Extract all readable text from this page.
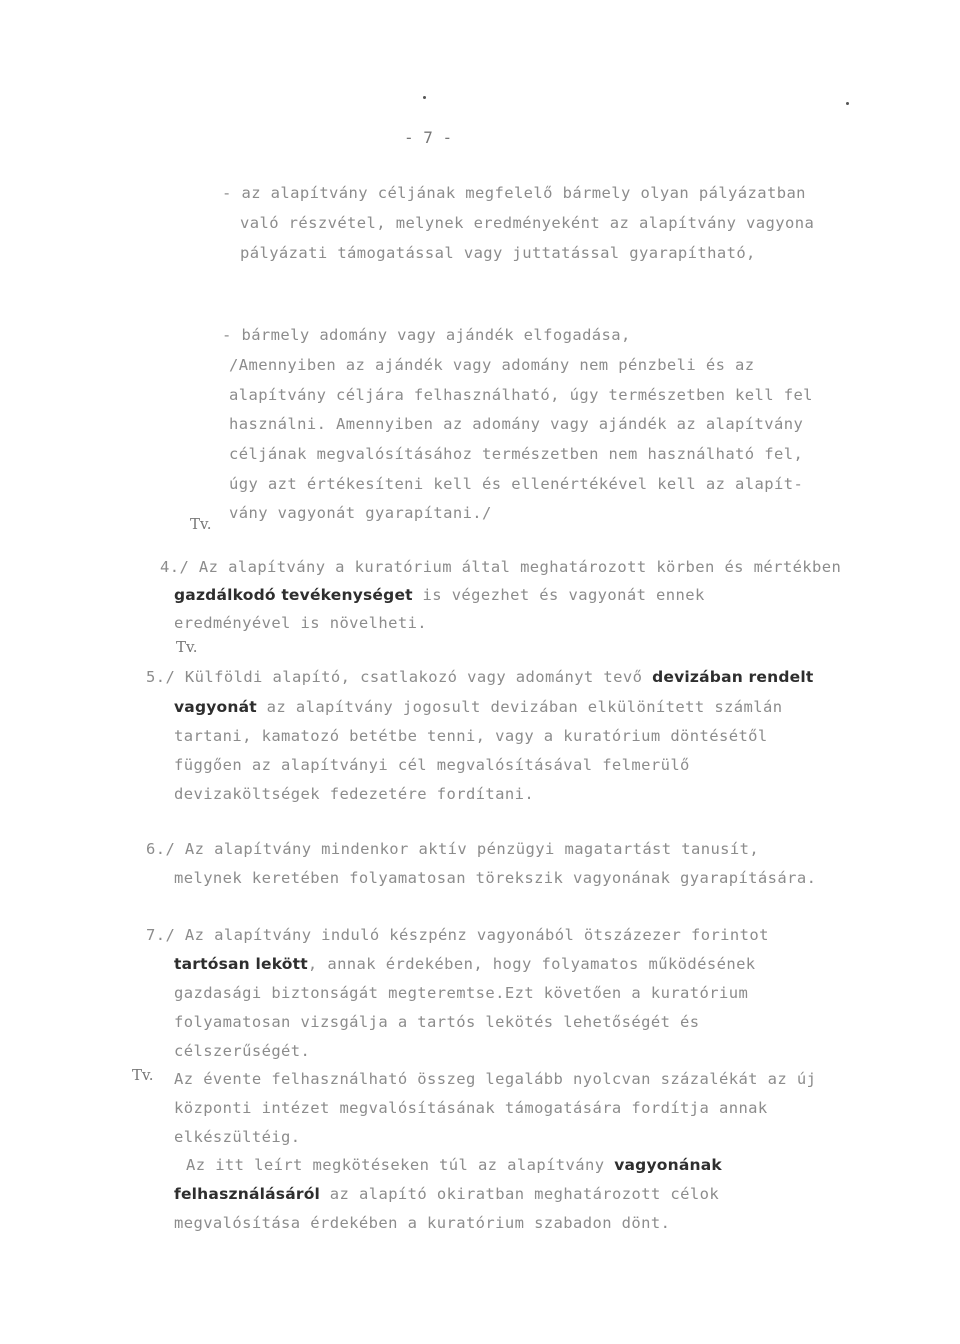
- 7 -
- az alapítvány céljának megfelelő bármely olyan pályázatban
való részvétel, melynek eredményeként az alapítvány vagyona
pályázati támogatással vagy juttatással gyarapítható,
- bármely adomány vagy ajándék elfogadása,
/Amennyiben az ajándék vagy adomány nem pénzbeli és az
alapítvány céljára felhasználható, úgy természetben kell fel
használni. Amennyiben az adomány vagy ajándék az alapítvány
céljának megvalósításához természetben nem használható fel,
úgy azt értékesíteni kell és ellenértékével kell az alapít-
vány vagyonát gyarapítani./
Tv.
4./ Az alapítvány a kuratórium által meghatározott körben és mértékben
gazdálkodó tevékenységet is végezhet és vagyonát ennek
eredményével is növelheti.
Tv.
5./ Külföldi alapító, csatlakozó vagy adományt tevő devizában rendelt
vagyonát az alapítvány jogosult devizában elkülönített számlán
tartani, kamatozó betétbe tenni, vagy a kuratórium döntésétől
függően az alapítványi cél megvalósításával felmerülő
devizaköltségek fedezetére fordítani.
6./ Az alapítvány mindenkor aktív pénzügyi magatartást tanusít,
melynek keretében folyamatosan törekszik vagyonának gyarapítására.
7./ Az alapítvány induló készpénz vagyonából ötszázezer forintot
tartósan lekött, annak érdekében, hogy folyamatos működésének
gazdasági biztonságát megteremtse.Ezt követően a kuratórium
folyamatosan vizsgálja a tartós lekötés lehetőségét és
célszerűségét.
Tv. Az évente felhasználható összeg legalább nyolcvan százalékát az új
központi intézet megvalósításának támogatására fordítja annak
elkészültéig.
Az itt leírt megkötéseken túl az alapítvány vagyonának
felhasználásáról az alapító okiratban meghatározott célok
megvalósítása érdekében a kuratórium szabadon dönt.
